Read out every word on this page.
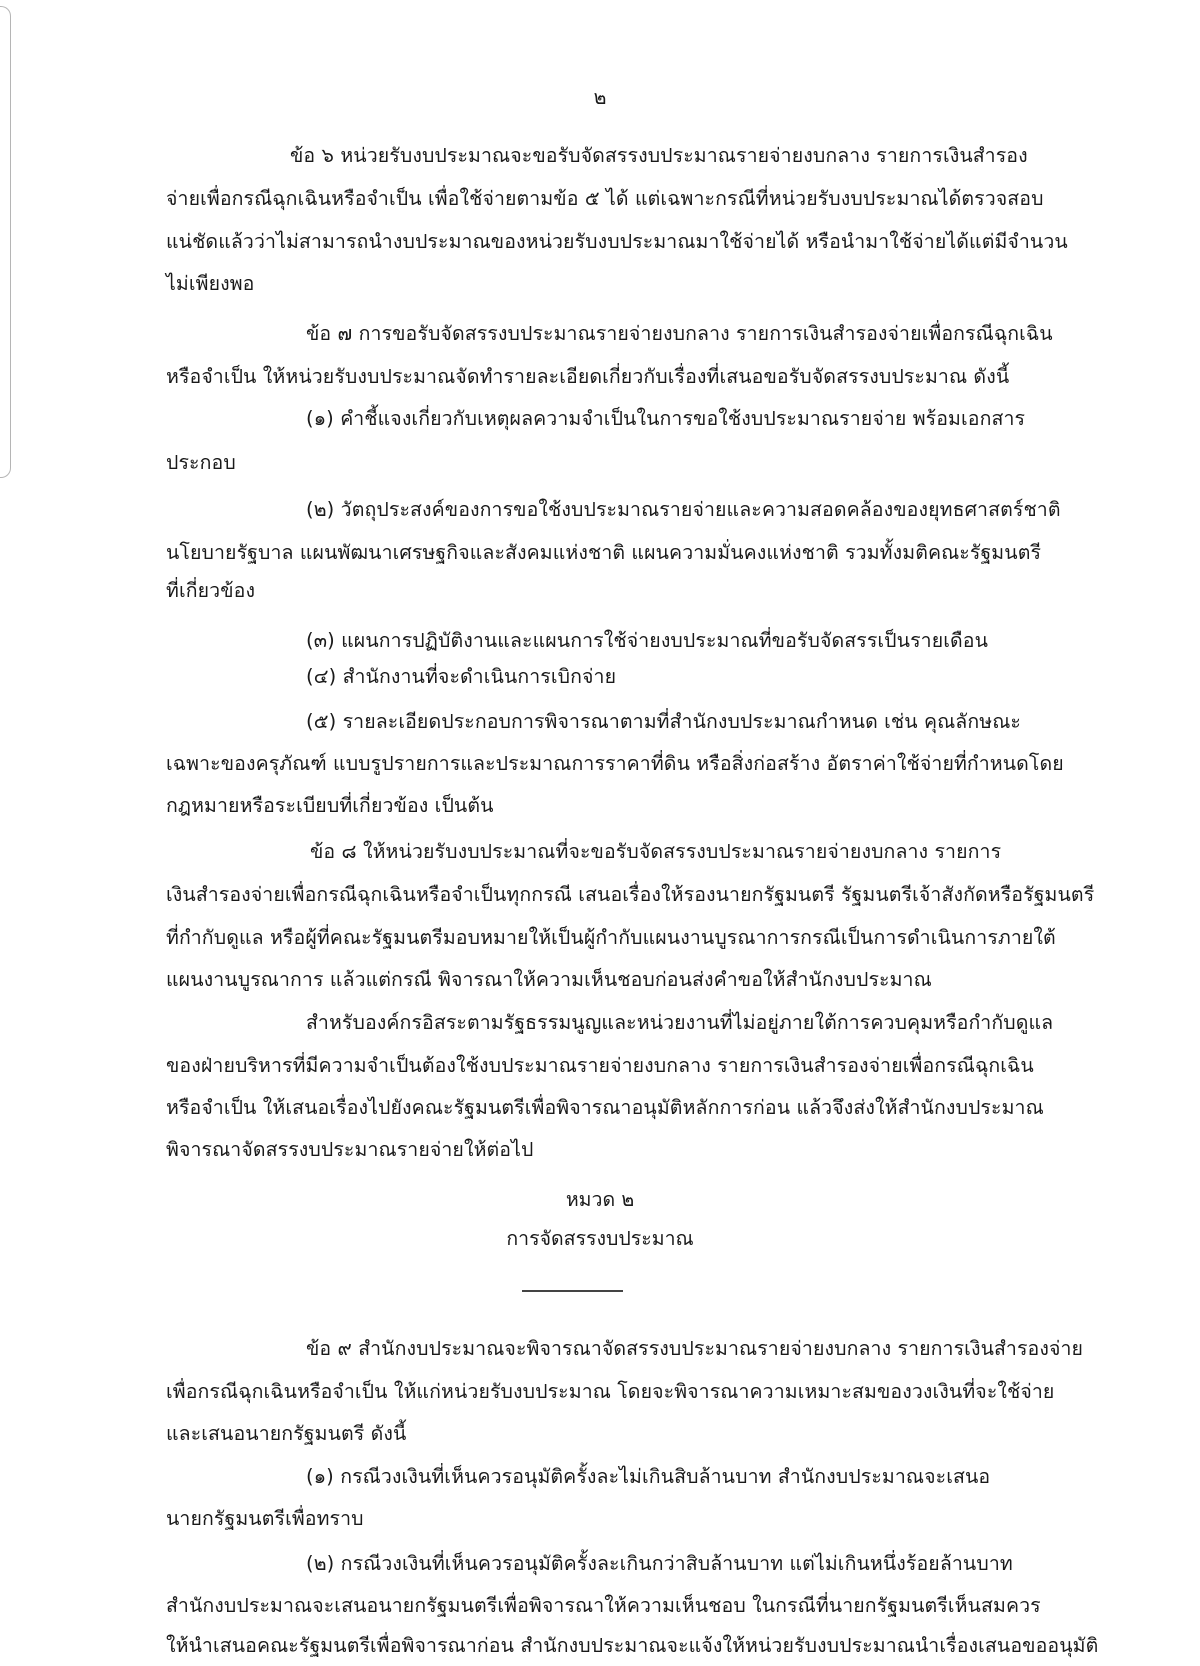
๒
ข้อ ๖ หน่วยรับงบประมาณจะขอรับจัดสรรงบประมาณรายจ่ายงบกลาง รายการเงินสำรอง
จ่ายเพื่อกรณีฉุกเฉินหรือจำเป็น เพื่อใช้จ่ายตามข้อ ๕ ได้ แต่เฉพาะกรณีที่หน่วยรับงบประมาณได้ตรวจสอบ
แน่ชัดแล้วว่าไม่สามารถนำงบประมาณของหน่วยรับงบประมาณมาใช้จ่ายได้ หรือนำมาใช้จ่ายได้แต่มีจำนวน
ไม่เพียงพอ
ข้อ ๗ การขอรับจัดสรรงบประมาณรายจ่ายงบกลาง รายการเงินสำรองจ่ายเพื่อกรณีฉุกเฉิน
หรือจำเป็น ให้หน่วยรับงบประมาณจัดทำรายละเอียดเกี่ยวกับเรื่องที่เสนอขอรับจัดสรรงบประมาณ ดังนี้
(๑) คำชี้แจงเกี่ยวกับเหตุผลความจำเป็นในการขอใช้งบประมาณรายจ่าย พร้อมเอกสาร
ประกอบ
(๒) วัตถุประสงค์ของการขอใช้งบประมาณรายจ่ายและความสอดคล้องของยุทธศาสตร์ชาติ
นโยบายรัฐบาล แผนพัฒนาเศรษฐกิจและสังคมแห่งชาติ แผนความมั่นคงแห่งชาติ รวมทั้งมติคณะรัฐมนตรี
ที่เกี่ยวข้อง
(๓) แผนการปฏิบัติงานและแผนการใช้จ่ายงบประมาณที่ขอรับจัดสรรเป็นรายเดือน
(๔) สำนักงานที่จะดำเนินการเบิกจ่าย
(๕) รายละเอียดประกอบการพิจารณาตามที่สำนักงบประมาณกำหนด เช่น คุณลักษณะ
เฉพาะของครุภัณฑ์ แบบรูปรายการและประมาณการราคาที่ดิน หรือสิ่งก่อสร้าง อัตราค่าใช้จ่ายที่กำหนดโดย
กฎหมายหรือระเบียบที่เกี่ยวข้อง เป็นต้น
ข้อ ๘ ให้หน่วยรับงบประมาณที่จะขอรับจัดสรรงบประมาณรายจ่ายงบกลาง รายการ
เงินสำรองจ่ายเพื่อกรณีฉุกเฉินหรือจำเป็นทุกกรณี เสนอเรื่องให้รองนายกรัฐมนตรี รัฐมนตรีเจ้าสังกัดหรือรัฐมนตรี
ที่กำกับดูแล หรือผู้ที่คณะรัฐมนตรีมอบหมายให้เป็นผู้กำกับแผนงานบูรณาการกรณีเป็นการดำเนินการภายใต้
แผนงานบูรณาการ แล้วแต่กรณี พิจารณาให้ความเห็นชอบก่อนส่งคำขอให้สำนักงบประมาณ
สำหรับองค์กรอิสระตามรัฐธรรมนูญและหน่วยงานที่ไม่อยู่ภายใต้การควบคุมหรือกำกับดูแล
ของฝ่ายบริหารที่มีความจำเป็นต้องใช้งบประมาณรายจ่ายงบกลาง รายการเงินสำรองจ่ายเพื่อกรณีฉุกเฉิน
หรือจำเป็น ให้เสนอเรื่องไปยังคณะรัฐมนตรีเพื่อพิจารณาอนุมัติหลักการก่อน แล้วจึงส่งให้สำนักงบประมาณ
พิจารณาจัดสรรงบประมาณรายจ่ายให้ต่อไป
หมวด ๒
การจัดสรรงบประมาณ
ข้อ ๙ สำนักงบประมาณจะพิจารณาจัดสรรงบประมาณรายจ่ายงบกลาง รายการเงินสำรองจ่าย
เพื่อกรณีฉุกเฉินหรือจำเป็น ให้แก่หน่วยรับงบประมาณ โดยจะพิจารณาความเหมาะสมของวงเงินที่จะใช้จ่าย
และเสนอนายกรัฐมนตรี ดังนี้
(๑) กรณีวงเงินที่เห็นควรอนุมัติครั้งละไม่เกินสิบล้านบาท สำนักงบประมาณจะเสนอ
นายกรัฐมนตรีเพื่อทราบ
(๒) กรณีวงเงินที่เห็นควรอนุมัติครั้งละเกินกว่าสิบล้านบาท แต่ไม่เกินหนึ่งร้อยล้านบาท
สำนักงบประมาณจะเสนอนายกรัฐมนตรีเพื่อพิจารณาให้ความเห็นชอบ ในกรณีที่นายกรัฐมนตรีเห็นสมควร
ให้นำเสนอคณะรัฐมนตรีเพื่อพิจารณาก่อน สำนักงบประมาณจะแจ้งให้หน่วยรับงบประมาณนำเรื่องเสนอขออนุมัติ
